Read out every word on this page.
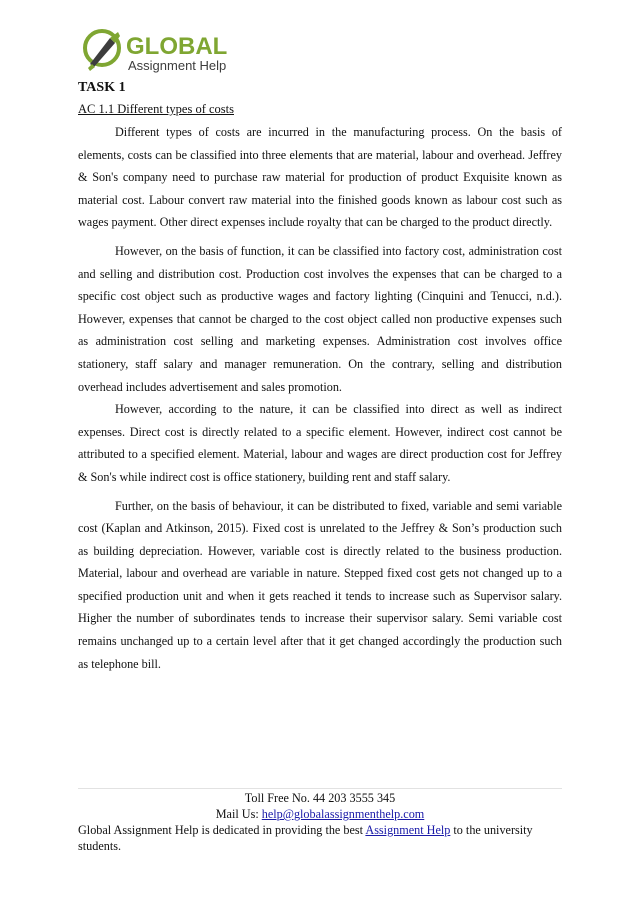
GLOBAL
Assignment Help
TASK 1
AC 1.1 Different types of costs

Different types of costs are incurred in the manufacturing process. On the basis of elements, costs can be classified into three elements that are material, labour and overhead. Jeffrey & Son's company need to purchase raw material for production of product Exquisite known as material cost. Labour convert raw material into the finished goods known as labour cost such as wages payment. Other direct expenses include royalty that can be charged to the product directly.

However, on the basis of function, it can be classified into factory cost, administration cost and selling and distribution cost. Production cost involves the expenses that can be charged to a specific cost object such as productive wages and factory lighting (Cinquini and Tenucci, n.d.). However, expenses that cannot be charged to the cost object called non productive expenses such as administration cost selling and marketing expenses. Administration cost involves office stationery, staff salary and manager remuneration. On the contrary, selling and distribution overhead includes advertisement and sales promotion.

However, according to the nature, it can be classified into direct as well as indirect expenses. Direct cost is directly related to a specific element. However, indirect cost cannot be attributed to a specified element. Material, labour and wages are direct production cost for Jeffrey & Son's while indirect cost is office stationery, building rent and staff salary.

Further, on the basis of behaviour, it can be distributed to fixed, variable and semi variable cost (Kaplan and Atkinson, 2015). Fixed cost is unrelated to the Jeffrey & Son’s production such as building depreciation. However, variable cost is directly related to the business production. Material, labour and overhead are variable in nature. Stepped fixed cost gets not changed up to a specified production unit and when it gets reached it tends to increase such as Supervisor salary. Higher the number of subordinates tends to increase their supervisor salary. Semi variable cost remains unchanged up to a certain level after that it get changed accordingly the production such as telephone bill.

Toll Free No. 44 203 3555 345
Mail Us: help@globalassignmenthelp.com
Global Assignment Help is dedicated in providing the best Assignment Help to the university students.
